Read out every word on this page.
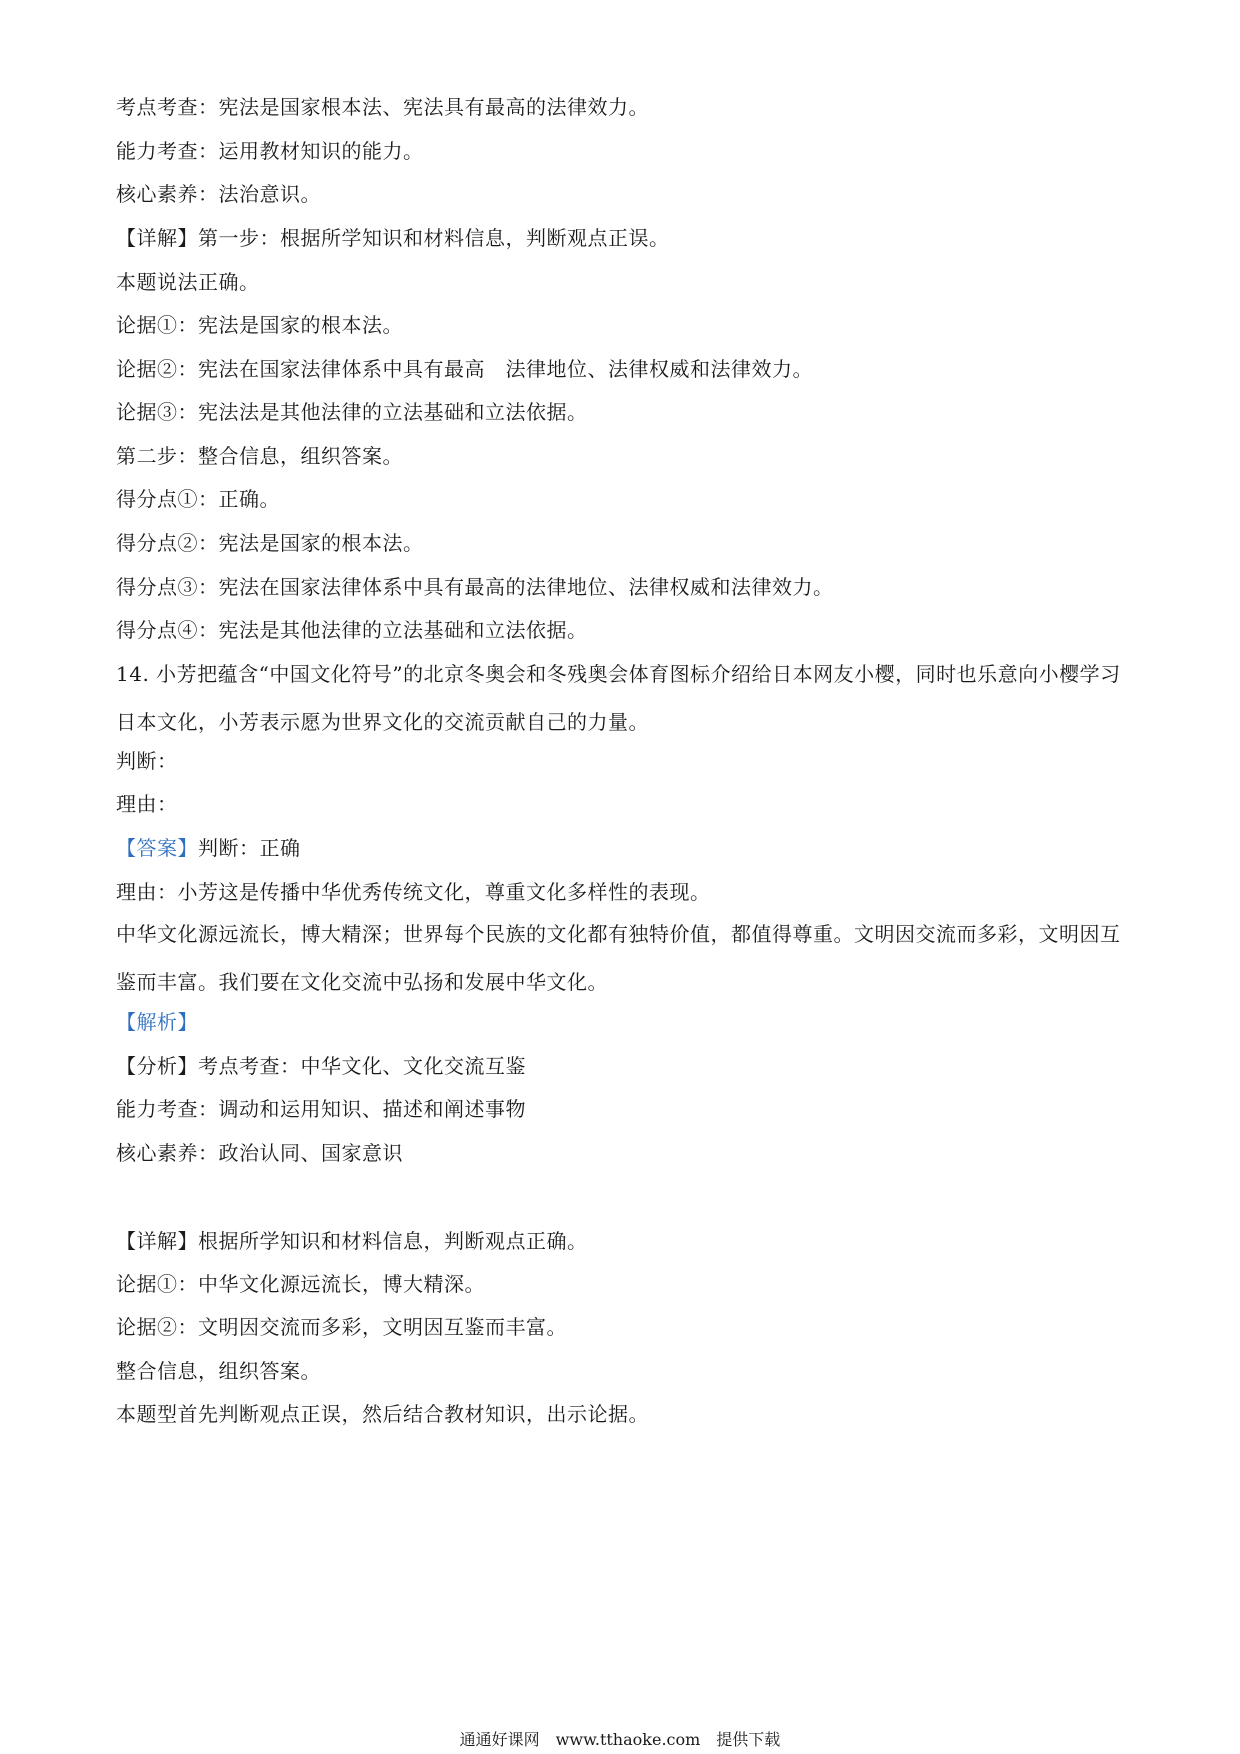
考点考查：宪法是国家根本法、宪法具有最高的法律效力。
能力考查：运用教材知识的能力。
核心素养：法治意识。
【详解】第一步：根据所学知识和材料信息，判断观点正误。
本题说法正确。
论据①：宪法是国家的根本法。
论据②：宪法在国家法律体系中具有最高　法律地位、法律权威和法律效力。
论据③：宪法法是其他法律的立法基础和立法依据。
第二步：整合信息，组织答案。
得分点①：正确。
得分点②：宪法是国家的根本法。
得分点③：宪法在国家法律体系中具有最高的法律地位、法律权威和法律效力。
得分点④：宪法是其他法律的立法基础和立法依据。
14. 小芳把蕴含“中国文化符号”的北京冬奥会和冬残奥会体育图标介绍给日本网友小樱，同时也乐意向小樱学习日本文化，小芳表示愿为世界文化的交流贡献自己的力量。
判断：
理由：
【答案】判断：正确
理由：小芳这是传播中华优秀传统文化，尊重文化多样性的表现。
中华文化源远流长，博大精深；世界每个民族的文化都有独特价值，都值得尊重。文明因交流而多彩，文明因互鉴而丰富。我们要在文化交流中弘扬和发展中华文化。
【解析】
【分析】考点考查：中华文化、文化交流互鉴
能力考查：调动和运用知识、描述和阐述事物
核心素养：政治认同、国家意识
【详解】根据所学知识和材料信息，判断观点正确。
论据①：中华文化源远流长，博大精深。
论据②：文明因交流而多彩，文明因互鉴而丰富。
整合信息，组织答案。
本题型首先判断观点正误，然后结合教材知识，出示论据。
通通好课网　www.tthaoke.com　提供下载
